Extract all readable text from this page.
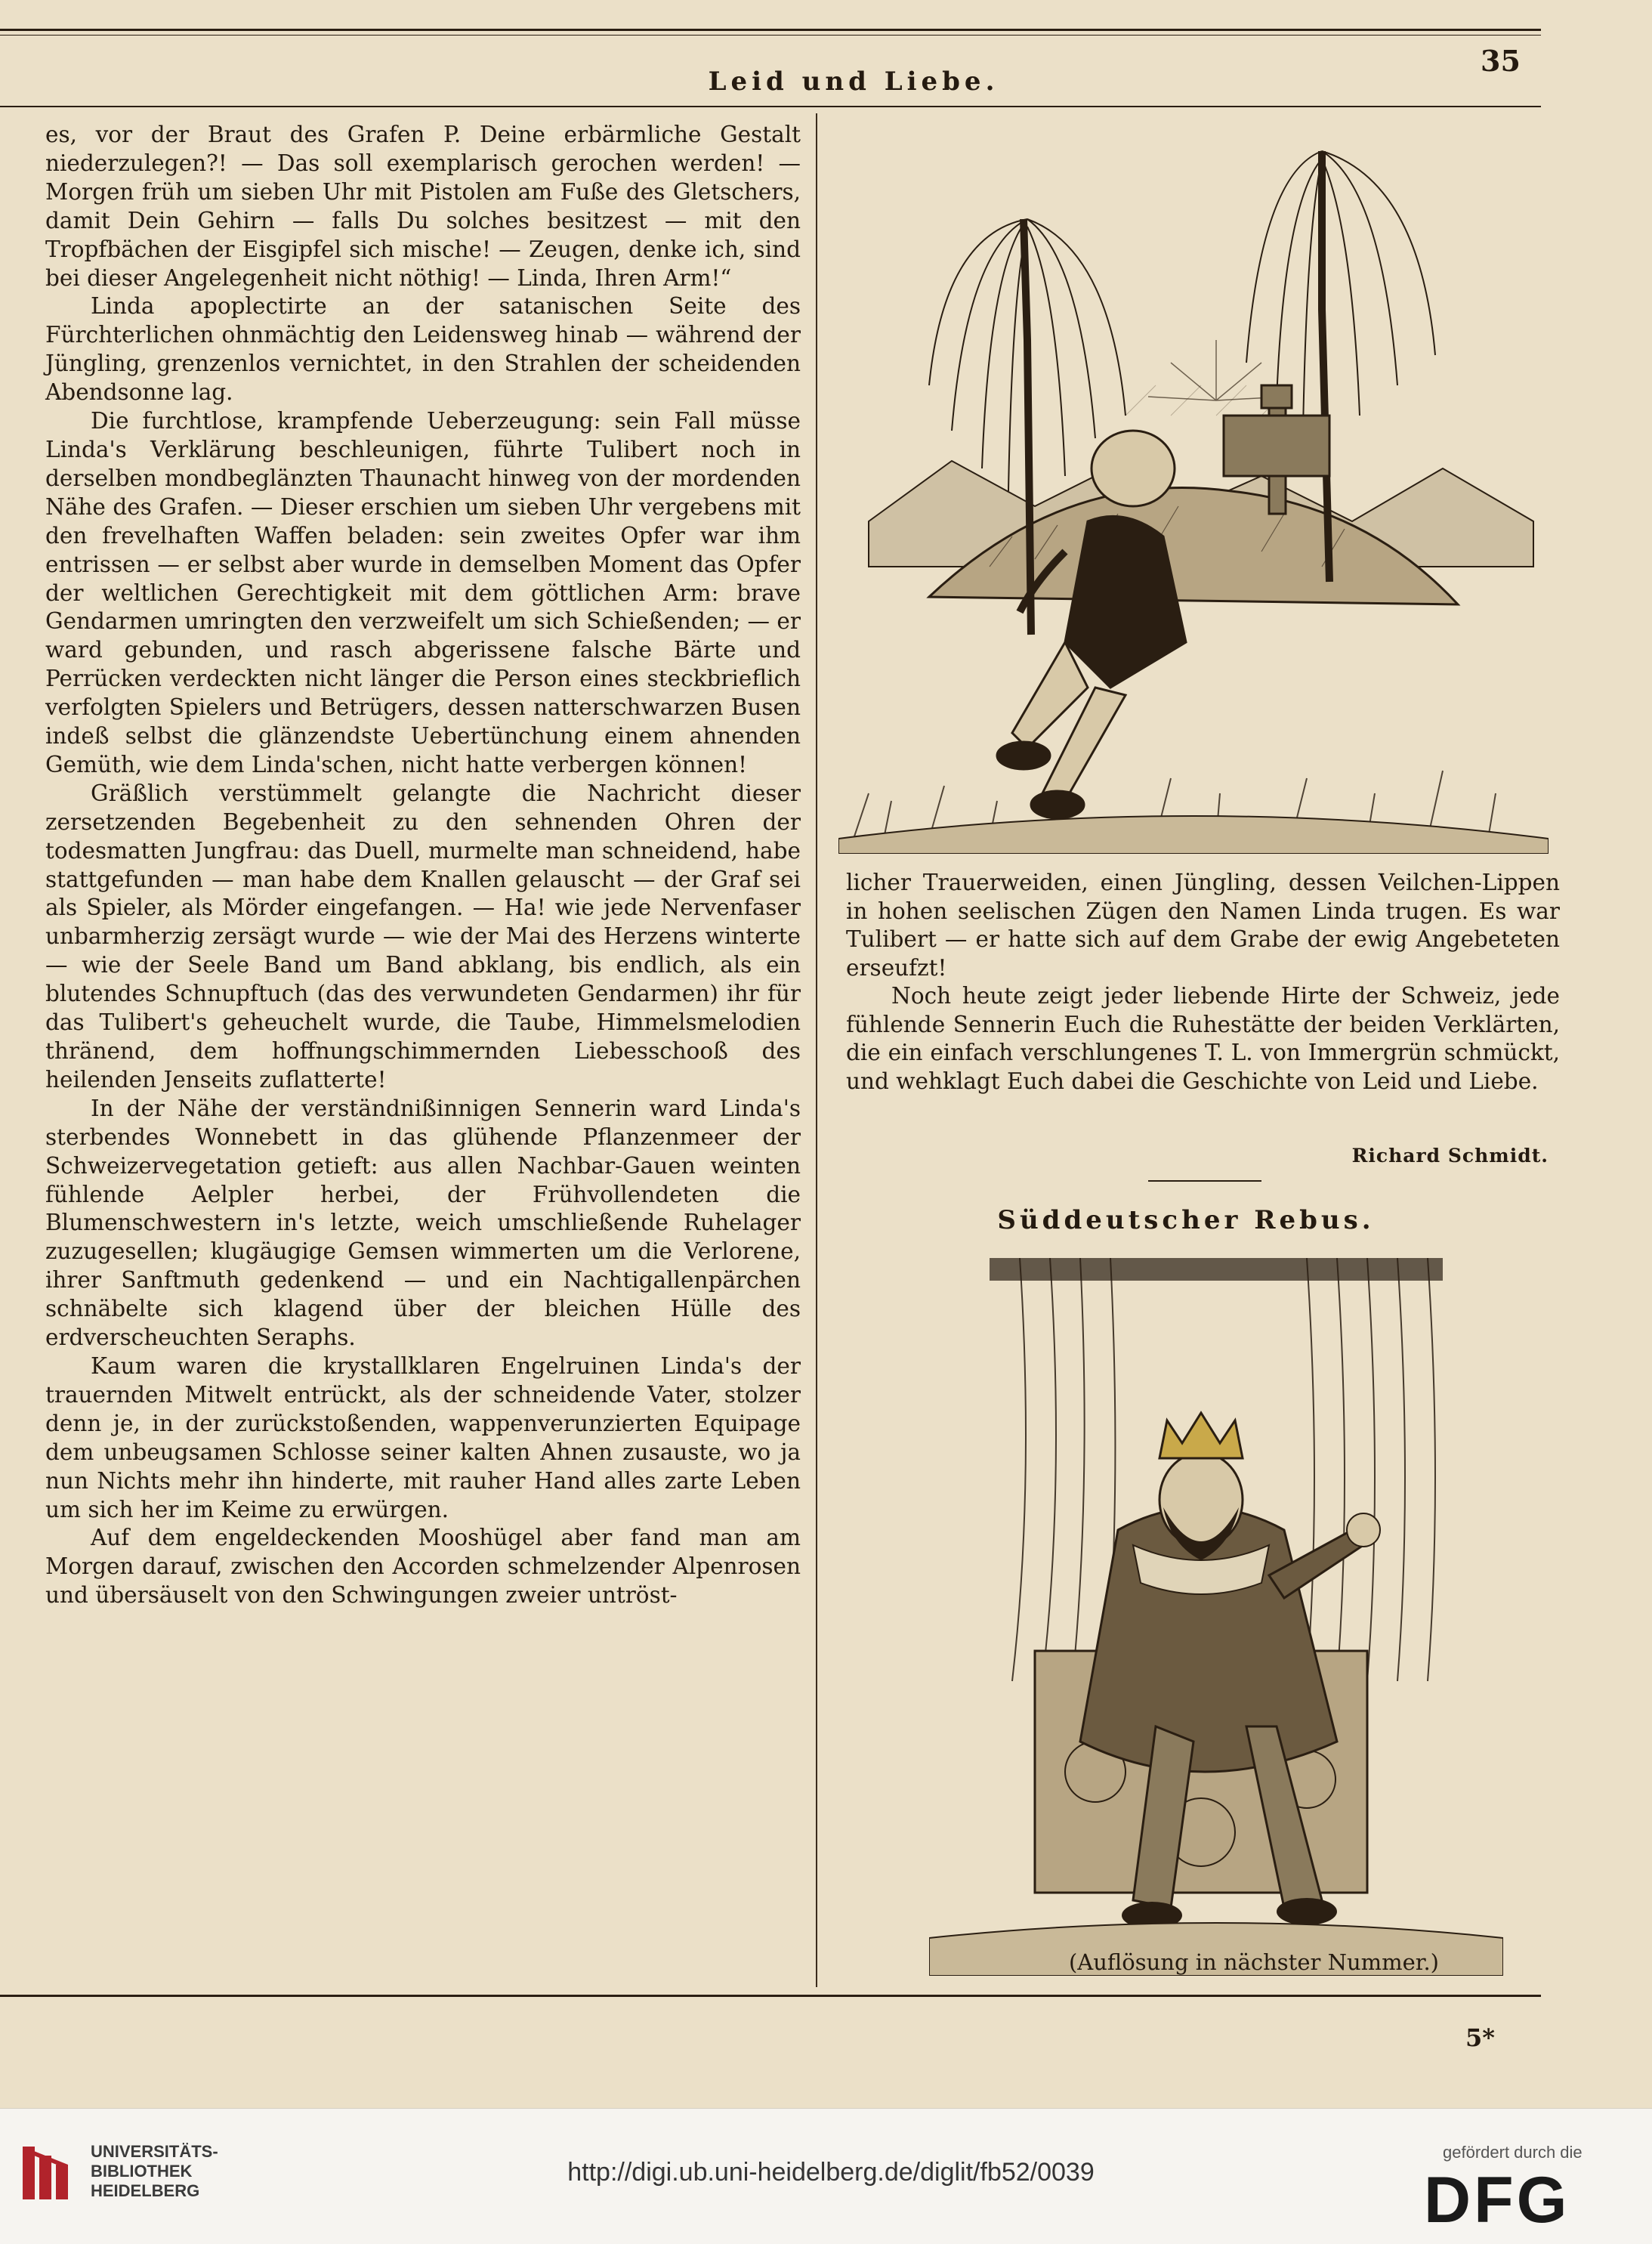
Leid und Liebe.
35

es, vor der Braut des Grafen P. Deine erbärmliche Gestalt niederzulegen?! — Das soll exemplarisch gerochen werden! — Morgen früh um sieben Uhr mit Pistolen am Fuße des Gletschers, damit Dein Gehirn — falls Du solches besitzest — mit den Tropfbächen der Eisgipfel sich mische! — Zeugen, denke ich, sind bei dieser Angelegenheit nicht nöthig! — Linda, Ihren Arm!“

Linda apoplectirte an der satanischen Seite des Fürchterlichen ohnmächtig den Leidensweg hinab — während der Jüngling, grenzenlos vernichtet, in den Strahlen der scheidenden Abendsonne lag.

Die furchtlose, krampfende Ueberzeugung: sein Fall müsse Linda's Verklärung beschleunigen, führte Tulibert noch in derselben mondbeglänzten Thaunacht hinweg von der mordenden Nähe des Grafen. — Dieser erschien um sieben Uhr vergebens mit den frevelhaften Waffen beladen: sein zweites Opfer war ihm entrissen — er selbst aber wurde in demselben Moment das Opfer der weltlichen Gerechtigkeit mit dem göttlichen Arm: brave Gendarmen umringten den verzweifelt um sich Schießenden; — er ward gebunden, und rasch abgerissene falsche Bärte und Perrücken verdeckten nicht länger die Person eines steckbrieflich verfolgten Spielers und Betrügers, dessen natterschwarzen Busen indeß selbst die glänzendste Uebertünchung einem ahnenden Gemüth, wie dem Linda'schen, nicht hatte verbergen können!

Gräßlich verstümmelt gelangte die Nachricht dieser zersetzenden Begebenheit zu den sehnenden Ohren der todesmatten Jungfrau: das Duell, murmelte man schneidend, habe stattgefunden — man habe dem Knallen gelauscht — der Graf sei als Spieler, als Mörder eingefangen. — Ha! wie jede Nervenfaser unbarmherzig zersägt wurde — wie der Mai des Herzens winterte — wie der Seele Band um Band abklang, bis endlich, als ein blutendes Schnupftuch (das des verwundeten Gendarmen) ihr für das Tulibert's geheuchelt wurde, die Taube, Himmelsmelodien thränend, dem hoffnungschimmernden Liebesschooß des heilenden Jenseits zuflatterte!

In der Nähe der verständnißinnigen Sennerin ward Linda's sterbendes Wonnebett in das glühende Pflanzenmeer der Schweizervegetation getieft: aus allen Nachbar-Gauen weinten fühlende Aelpler herbei, der Frühvollendeten die Blumenschwestern in's letzte, weich umschließende Ruhelager zuzugesellen; klugäugige Gemsen wimmerten um die Verlorene, ihrer Sanftmuth gedenkend — und ein Nachtigallenpärchen schnäbelte sich klagend über der bleichen Hülle des erdverscheuchten Seraphs.

Kaum waren die krystallklaren Engelruinen Linda's der trauernden Mitwelt entrückt, als der schneidende Vater, stolzer denn je, in der zurückstoßenden, wappenverunzierten Equipage dem unbeugsamen Schlosse seiner kalten Ahnen zusauste, wo ja nun Nichts mehr ihn hinderte, mit rauher Hand alles zarte Leben um sich her im Keime zu erwürgen.

Auf dem engeldeckenden Mooshügel aber fand man am Morgen darauf, zwischen den Accorden schmelzender Alpenrosen und übersäuselt von den Schwingungen zweier untröst-

licher Trauerweiden, einen Jüngling, dessen Veilchen-Lippen in hohen seelischen Zügen den Namen Linda trugen. Es war Tulibert — er hatte sich auf dem Grabe der ewig Angebeteten erseufzt!

Noch heute zeigt jeder liebende Hirte der Schweiz, jede fühlende Sennerin Euch die Ruhestätte der beiden Verklärten, die ein einfach verschlungenes T. L. von Immergrün schmückt, und wehklagt Euch dabei die Geschichte von Leid und Liebe.

Richard Schmidt.
Süddeutscher Rebus.
(Auflösung in nächster Nummer.)
5*
UNIVERSITÄTS-
BIBLIOTHEK
HEIDELBERG
http://digi.ub.uni-heidelberg.de/diglit/fb52/0039
gefördert durch die
DFG
